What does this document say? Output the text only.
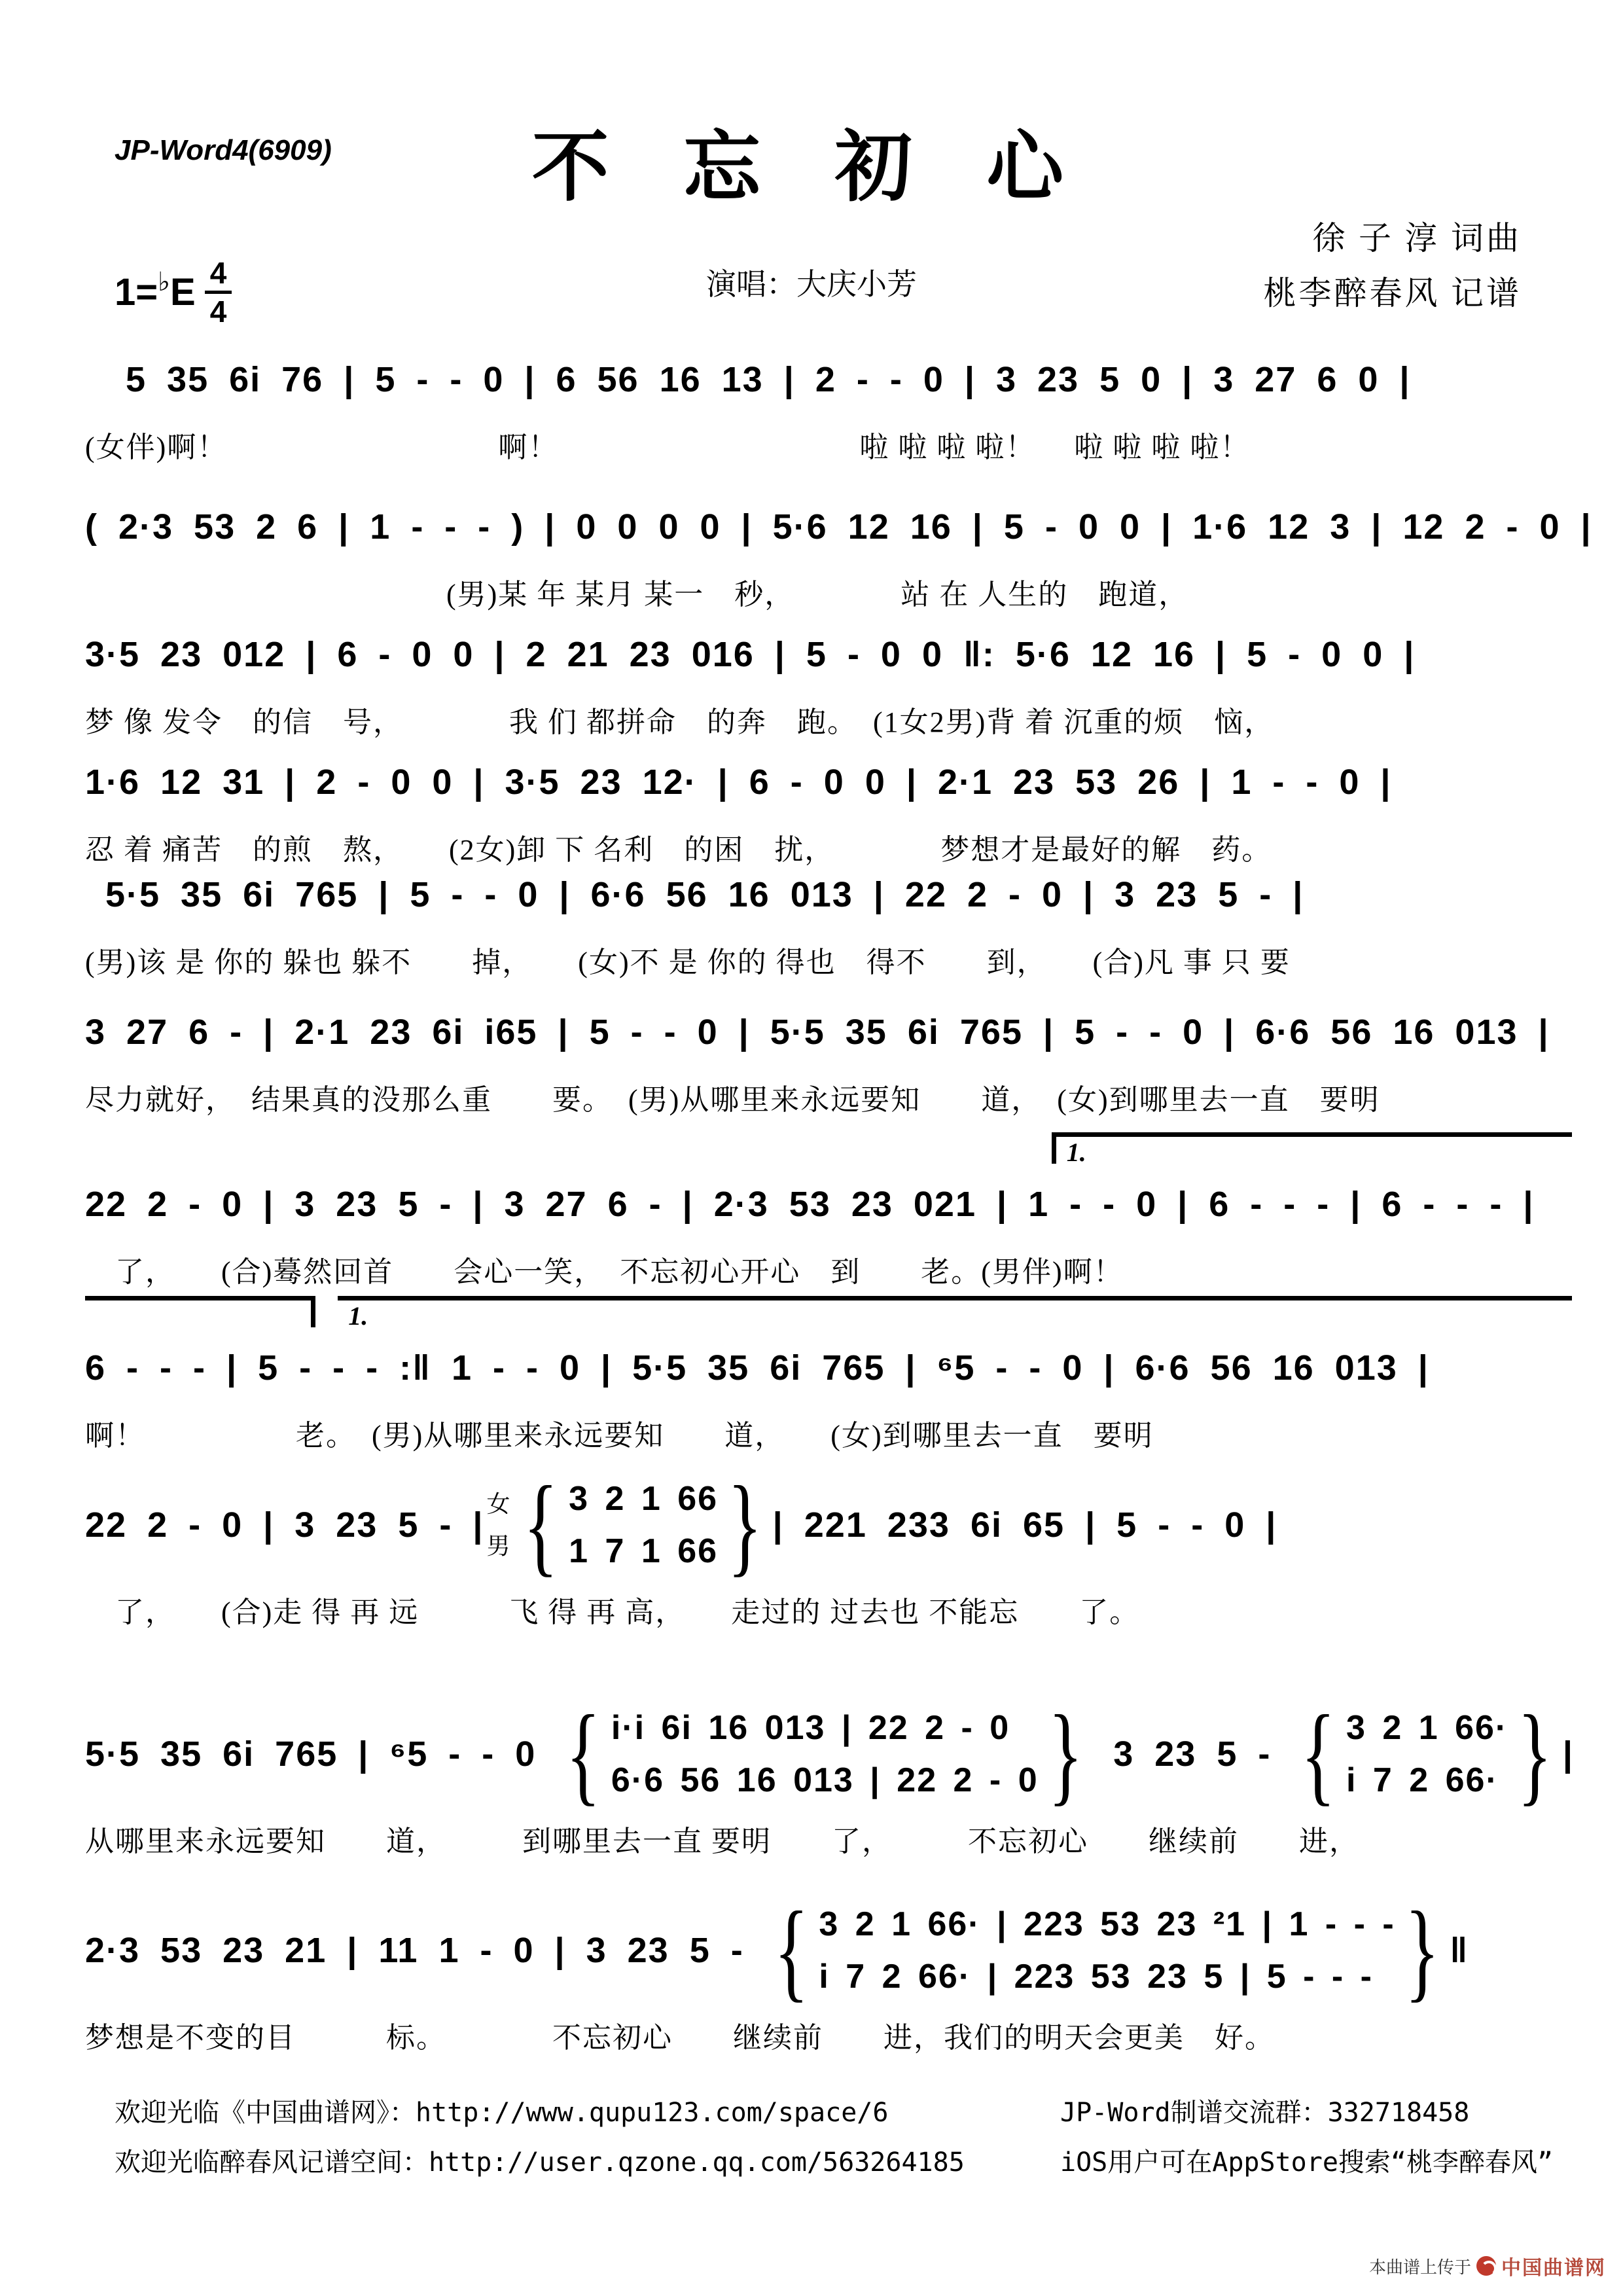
JP-Word4(6909)	不 忘 初 心
徐 子 淳 词曲
桃李醉春风 记谱
演唱：大庆小芳
1= ♭ E $\frac{4}{4}$
5 35 6i 76 | 5 - - 0 | 6 56 16 13 | 2 - - 0 | 3 23 5 0 | 3 27 6 0 |
(女伴)啊！　　　　　　　　　啊！　　　　　　　　　　啦 啦 啦 啦！　 啦 啦 啦 啦！
( 2·3 53 2 6 | 1 - - - ) | 0 0 0 0 | 5·6 12 16 | 5 - 0 0 | 1·6 12 3 | 12 2 - 0 |
　　　　　　　　　　　　(男)某 年 某月 某一　秒，　　　　站 在 人生的　跑道，
3·5 23 012 | 6 - 0 0 | 2 21 23 016 | 5 - 0 0 ‖: 5·6 12 16 | 5 - 0 0 |
梦 像 发令　的信　号，　　　　我 们 都拼命　的奔　跑。　(1女2男)背 着 沉重的烦　恼，
1·6 12 31 | 2 - 0 0 | 3·5 23 12· | 6 - 0 0 | 2·1 23 53 26 | 1 - - 0 |
忍 着 痛苦　的煎　熬，　　(2女)卸 下 名利　的困　扰，　　　　梦想才是最好的解　药。
5·5 35 6i 765 | 5 - - 0 | 6·6 56 16 013 | 22 2 - 0 | 3 23 5 - |
(男)该 是 你的 躲也 躲不　　掉，　　(女)不 是 你的 得也　得不　　到，　　(合)凡 事 只 要
3 27 6 - | 2·1 23 6i i65 | 5 - - 0 | 5·5 35 6i 765 | 5 - - 0 | 6·6 56 16 013 |
尽力就好，　结果真的没那么重　　要。　(男)从哪里来永远要知　　道，　(女)到哪里去一直　要明
1.
22 2 - 0 | 3 23 5 - | 3 27 6 - | 2·3 53 23 021 | 1 - - 0 | 6 - - - | 6 - - - |
　了，　　(合)蓦然回首　　会心一笑，　不忘初心开心　到　　老。(男伴)啊！
1.
6 - - - | 5 - - - :‖ 1 - - 0 | 5·5 35 6i 765 | ⁶5 - - 0 | 6·6 56 16 013 |
啊！　　　　　老。　(男)从哪里来永远要知　　道，　　(女)到哪里去一直　要明
22 2 - 0 | 3 23 5 - |
女
男 { 3 2 1 66
1 7 1 66 } | 221 233 6i 65 | 5 - - 0 |
　了，　　(合)走 得 再 远　　　飞 得 再 高，　　走过的 过去也 不能忘　　了。
5·5 35 6i 765 | ⁶5 - - 0 { i·i 6i 16 013 | 22 2 - 0
6·6 56 16 013 | 22 2 - 0 } 3 23 5 - { 3 2 1 66·
i 7 2 66· } |
从哪里来永远要知　　道，　　　到哪里去一直 要明　　了，　　　不忘初心　　继续前　　进，
2·3 53 23 21 | 11 1 - 0 | 3 23 5 - { 3 2 1 66· | 223 53 23 ²1 | 1 - - -
i 7 2 66· | 223 53 23 5 | 5 - - - } ‖
梦想是不变的目　　　标。　　　　不忘初心　　继续前　　进，我们的明天会更美　好。
欢迎光临《中国曲谱网》：http://www.qupu123.com/space/6
欢迎光临醉春风记谱空间：http://user.qzone.qq.com/563264185
JP-Word制谱交流群：332718458
iOS用户可在AppStore搜索“桃李醉春风”
本曲谱上传于 中国曲谱网
